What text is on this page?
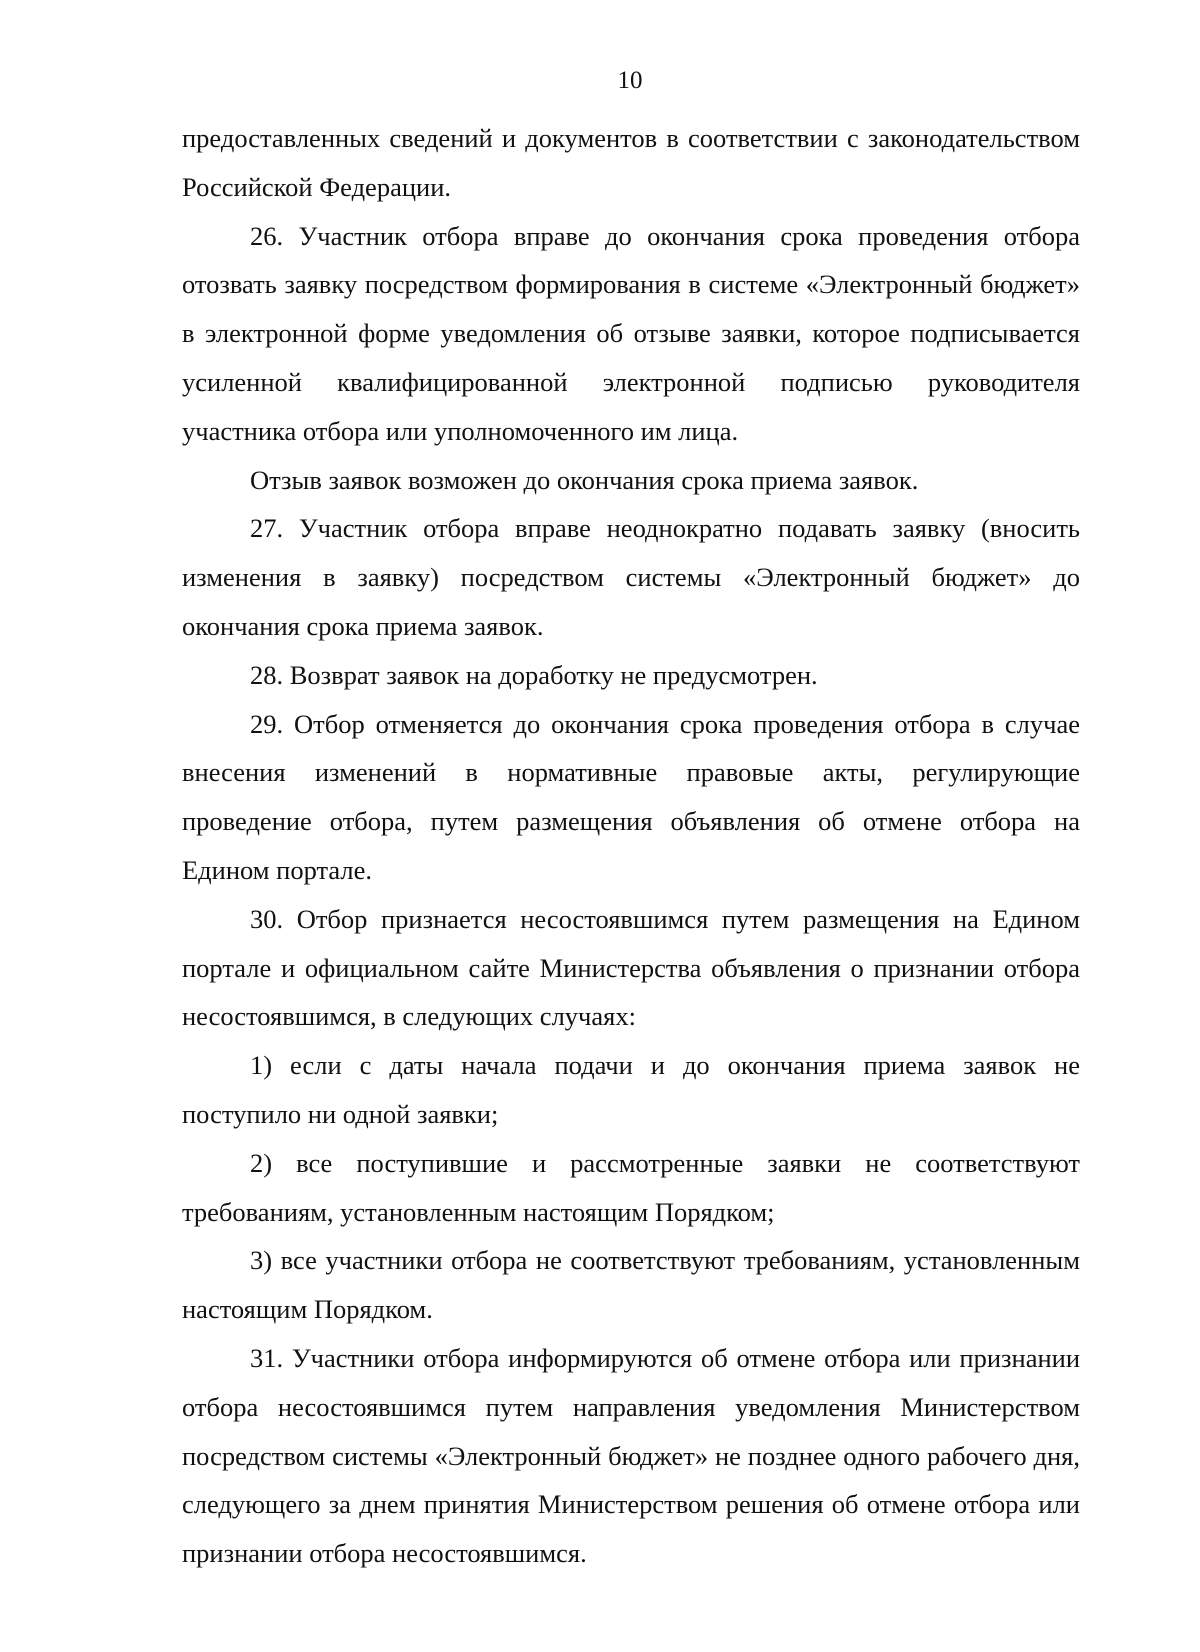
10

предоставленных сведений и документов в соответствии с законодательством Российской Федерации.

26. Участник отбора вправе до окончания срока проведения отбора отозвать заявку посредством формирования в системе «Электронный бюджет» в электронной форме уведомления об отзыве заявки, которое подписывается усиленной квалифицированной электронной подписью руководителя участника отбора или уполномоченного им лица.

Отзыв заявок возможен до окончания срока приема заявок.

27. Участник отбора вправе неоднократно подавать заявку (вносить изменения в заявку) посредством системы «Электронный бюджет» до окончания срока приема заявок.

28. Возврат заявок на доработку не предусмотрен.

29. Отбор отменяется до окончания срока проведения отбора в случае внесения изменений в нормативные правовые акты, регулирующие проведение отбора, путем размещения объявления об отмене отбора на Едином портале.

30. Отбор признается несостоявшимся путем размещения на Едином портале и официальном сайте Министерства объявления о признании отбора несостоявшимся, в следующих случаях:

1) если с даты начала подачи и до окончания приема заявок не поступило ни одной заявки;

2) все поступившие и рассмотренные заявки не соответствуют требованиям, установленным настоящим Порядком;

3) все участники отбора не соответствуют требованиям, установленным настоящим Порядком.

31. Участники отбора информируются об отмене отбора или признании отбора несостоявшимся путем направления уведомления Министерством посредством системы «Электронный бюджет» не позднее одного рабочего дня, следующего за днем принятия Министерством решения об отмене отбора или признании отбора несостоявшимся.
